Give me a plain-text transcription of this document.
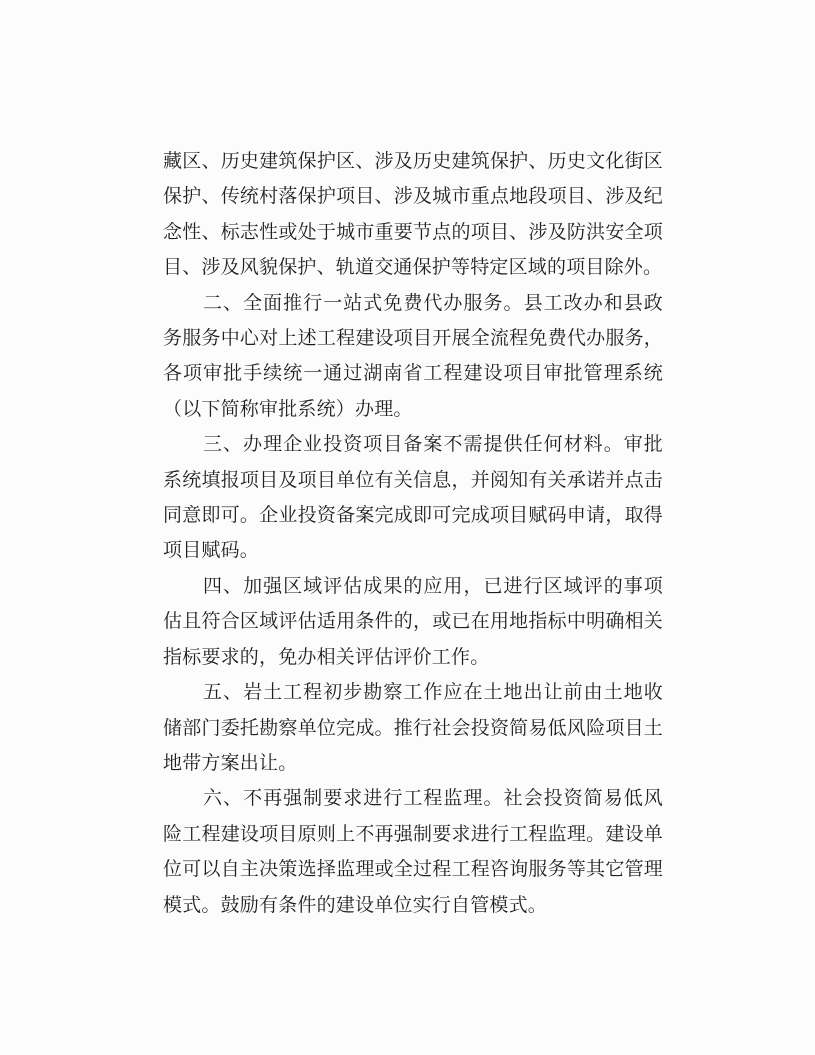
藏区、历史建筑保护区、涉及历史建筑保护、历史文化街区保护、传统村落保护项目、涉及城市重点地段项目、涉及纪念性、标志性或处于城市重要节点的项目、涉及防洪安全项目、涉及风貌保护、轨道交通保护等特定区域的项目除外。

二、全面推行一站式免费代办服务。县工改办和县政务服务中心对上述工程建设项目开展全流程免费代办服务，各项审批手续统一通过湖南省工程建设项目审批管理系统（以下简称审批系统）办理。

三、办理企业投资项目备案不需提供任何材料。审批系统填报项目及项目单位有关信息，并阅知有关承诺并点击同意即可。企业投资备案完成即可完成项目赋码申请，取得项目赋码。

四、加强区域评估成果的应用，已进行区域评的事项估且符合区域评估适用条件的，或已在用地指标中明确相关指标要求的，免办相关评估评价工作。

五、岩土工程初步勘察工作应在土地出让前由土地收储部门委托勘察单位完成。推行社会投资简易低风险项目土地带方案出让。

六、不再强制要求进行工程监理。社会投资简易低风险工程建设项目原则上不再强制要求进行工程监理。建设单位可以自主决策选择监理或全过程工程咨询服务等其它管理模式。鼓励有条件的建设单位实行自管模式。
